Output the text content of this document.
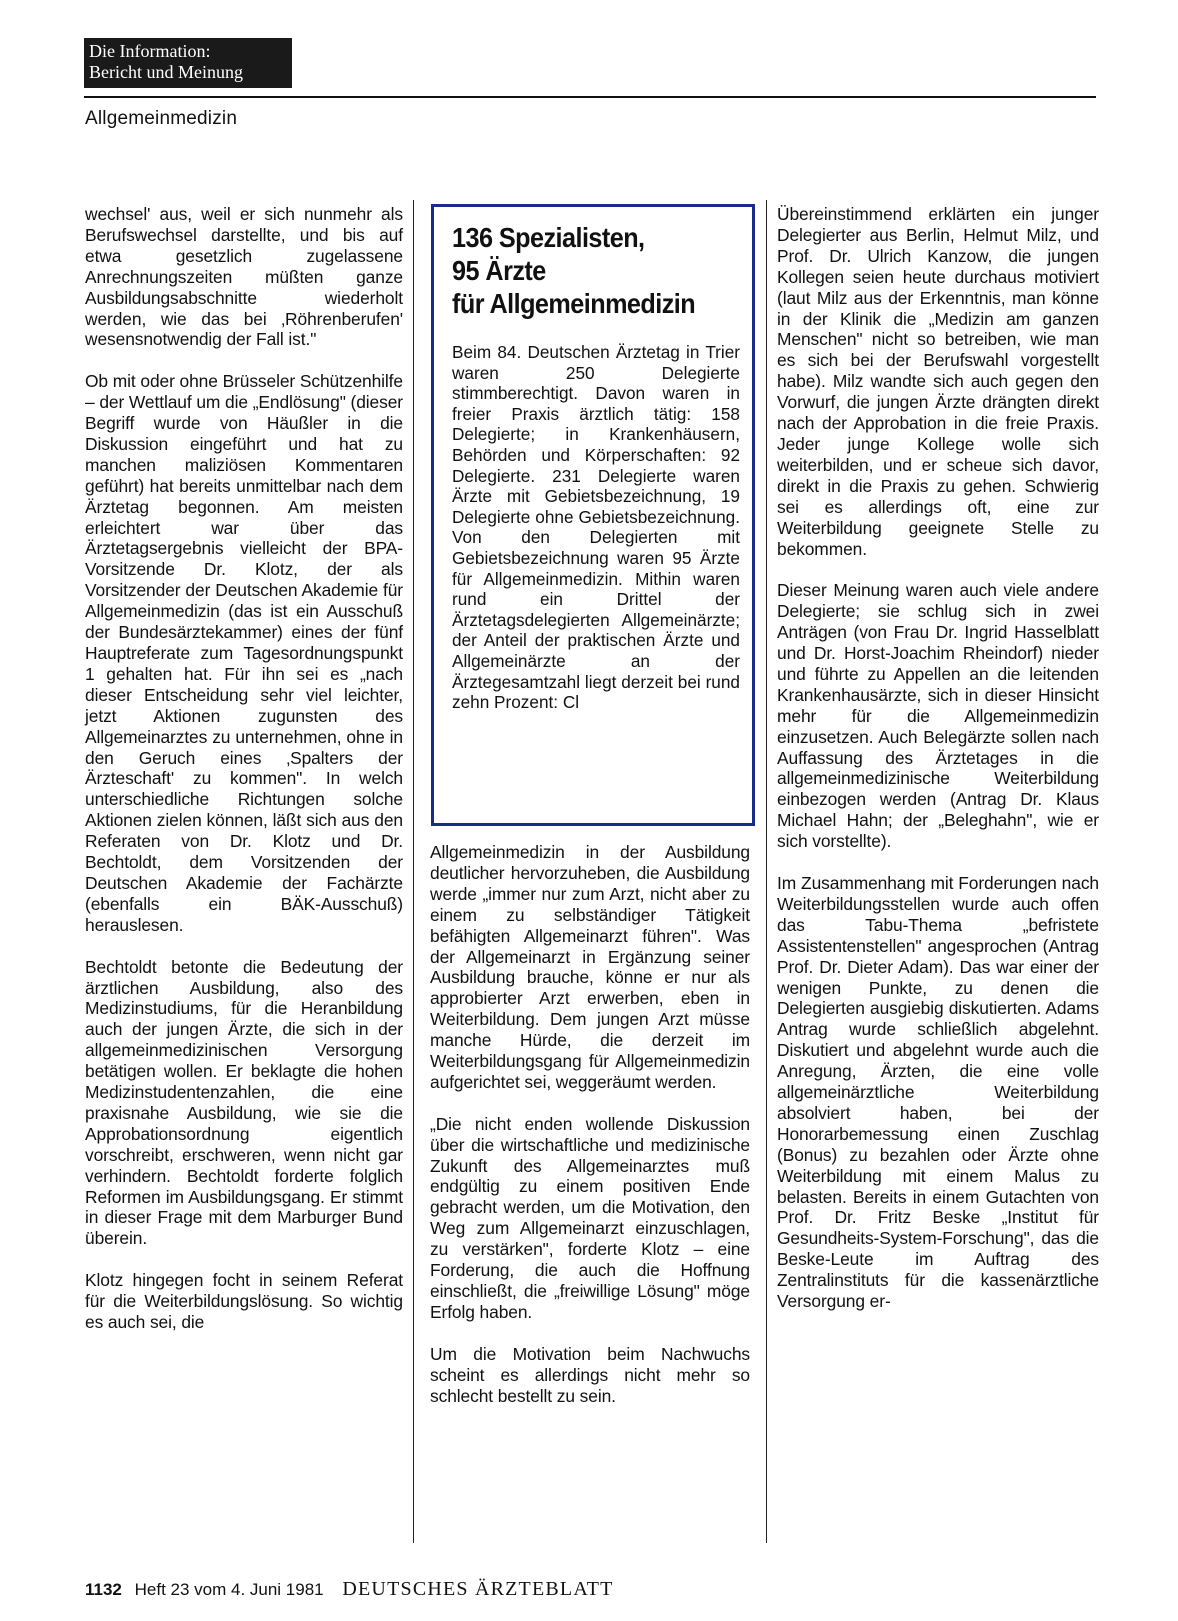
Die Information:
Bericht und Meinung
Allgemeinmedizin

wechsel' aus, weil er sich nunmehr als Berufswechsel darstellte, und bis auf etwa gesetzlich zugelassene Anrechnungszeiten müßten ganze Ausbildungsabschnitte wiederholt werden, wie das bei ‚Röhrenberufen' wesensnotwendig der Fall ist."

Ob mit oder ohne Brüsseler Schützenhilfe – der Wettlauf um die „Endlösung" (dieser Begriff wurde von Häußler in die Diskussion eingeführt und hat zu manchen maliziösen Kommentaren geführt) hat bereits unmittelbar nach dem Ärztetag begonnen. Am meisten erleichtert war über das Ärztetagsergebnis vielleicht der BPA-Vorsitzende Dr. Klotz, der als Vorsitzender der Deutschen Akademie für Allgemeinmedizin (das ist ein Ausschuß der Bundesärztekammer) eines der fünf Hauptreferate zum Tagesordnungspunkt 1 gehalten hat. Für ihn sei es „nach dieser Entscheidung sehr viel leichter, jetzt Aktionen zugunsten des Allgemeinarztes zu unternehmen, ohne in den Geruch eines ‚Spalters der Ärzteschaft' zu kommen". In welch unterschiedliche Richtungen solche Aktionen zielen können, läßt sich aus den Referaten von Dr. Klotz und Dr. Bechtoldt, dem Vorsitzenden der Deutschen Akademie der Fachärzte (ebenfalls ein BÄK-Ausschuß) herauslesen.

Bechtoldt betonte die Bedeutung der ärztlichen Ausbildung, also des Medizinstudiums, für die Heranbildung auch der jungen Ärzte, die sich in der allgemeinmedizinischen Versorgung betätigen wollen. Er beklagte die hohen Medizinstudentenzahlen, die eine praxisnahe Ausbildung, wie sie die Approbationsordnung eigentlich vorschreibt, erschweren, wenn nicht gar verhindern. Bechtoldt forderte folglich Reformen im Ausbildungsgang. Er stimmt in dieser Frage mit dem Marburger Bund überein.

Klotz hingegen focht in seinem Referat für die Weiterbildungslösung. So wichtig es auch sei, die

136 Spezialisten,
95 Ärzte
für Allgemeinmedizin

Beim 84. Deutschen Ärztetag in Trier waren 250 Delegierte stimmberechtigt. Davon waren in freier Praxis ärztlich tätig: 158 Delegierte; in Krankenhäusern, Behörden und Körperschaften: 92 Delegierte. 231 Delegierte waren Ärzte mit Gebietsbezeichnung, 19 Delegierte ohne Gebietsbezeichnung. Von den Delegierten mit Gebietsbezeichnung waren 95 Ärzte für Allgemeinmedizin. Mithin waren rund ein Drittel der Ärztetagsdelegierten Allgemeinärzte; der Anteil der praktischen Ärzte und Allgemeinärzte an der Ärztegesamtzahl liegt derzeit bei rund zehn Prozent: Cl

Allgemeinmedizin in der Ausbildung deutlicher hervorzuheben, die Ausbildung werde „immer nur zum Arzt, nicht aber zu einem zu selbständiger Tätigkeit befähigten Allgemeinarzt führen". Was der Allgemeinarzt in Ergänzung seiner Ausbildung brauche, könne er nur als approbierter Arzt erwerben, eben in Weiterbildung. Dem jungen Arzt müsse manche Hürde, die derzeit im Weiterbildungsgang für Allgemeinmedizin aufgerichtet sei, weggeräumt werden.

„Die nicht enden wollende Diskussion über die wirtschaftliche und medizinische Zukunft des Allgemeinarztes muß endgültig zu einem positiven Ende gebracht werden, um die Motivation, den Weg zum Allgemeinarzt einzuschlagen, zu verstärken", forderte Klotz – eine Forderung, die auch die Hoffnung einschließt, die „freiwillige Lösung" möge Erfolg haben.

Um die Motivation beim Nachwuchs scheint es allerdings nicht mehr so schlecht bestellt zu sein.

Übereinstimmend erklärten ein junger Delegierter aus Berlin, Helmut Milz, und Prof. Dr. Ulrich Kanzow, die jungen Kollegen seien heute durchaus motiviert (laut Milz aus der Erkenntnis, man könne in der Klinik die „Medizin am ganzen Menschen" nicht so betreiben, wie man es sich bei der Berufswahl vorgestellt habe). Milz wandte sich auch gegen den Vorwurf, die jungen Ärzte drängten direkt nach der Approbation in die freie Praxis. Jeder junge Kollege wolle sich weiterbilden, und er scheue sich davor, direkt in die Praxis zu gehen. Schwierig sei es allerdings oft, eine zur Weiterbildung geeignete Stelle zu bekommen.

Dieser Meinung waren auch viele andere Delegierte; sie schlug sich in zwei Anträgen (von Frau Dr. Ingrid Hasselblatt und Dr. Horst-Joachim Rheindorf) nieder und führte zu Appellen an die leitenden Krankenhausärzte, sich in dieser Hinsicht mehr für die Allgemeinmedizin einzusetzen. Auch Belegärzte sollen nach Auffassung des Ärztetages in die allgemeinmedizinische Weiterbildung einbezogen werden (Antrag Dr. Klaus Michael Hahn; der „Beleghahn", wie er sich vorstellte).

Im Zusammenhang mit Forderungen nach Weiterbildungsstellen wurde auch offen das Tabu-Thema „befristete Assistentenstellen" angesprochen (Antrag Prof. Dr. Dieter Adam). Das war einer der wenigen Punkte, zu denen die Delegierten ausgiebig diskutierten. Adams Antrag wurde schließlich abgelehnt. Diskutiert und abgelehnt wurde auch die Anregung, Ärzten, die eine volle allgemeinärztliche Weiterbildung absolviert haben, bei der Honorarbemessung einen Zuschlag (Bonus) zu bezahlen oder Ärzte ohne Weiterbildung mit einem Malus zu belasten. Bereits in einem Gutachten von Prof. Dr. Fritz Beske „Institut für Gesundheits-System-Forschung", das die Beske-Leute im Auftrag des Zentralinstituts für die kassenärztliche Versorgung er-

1132 Heft 23 vom 4. Juni 1981 DEUTSCHES ÄRZTEBLATT
